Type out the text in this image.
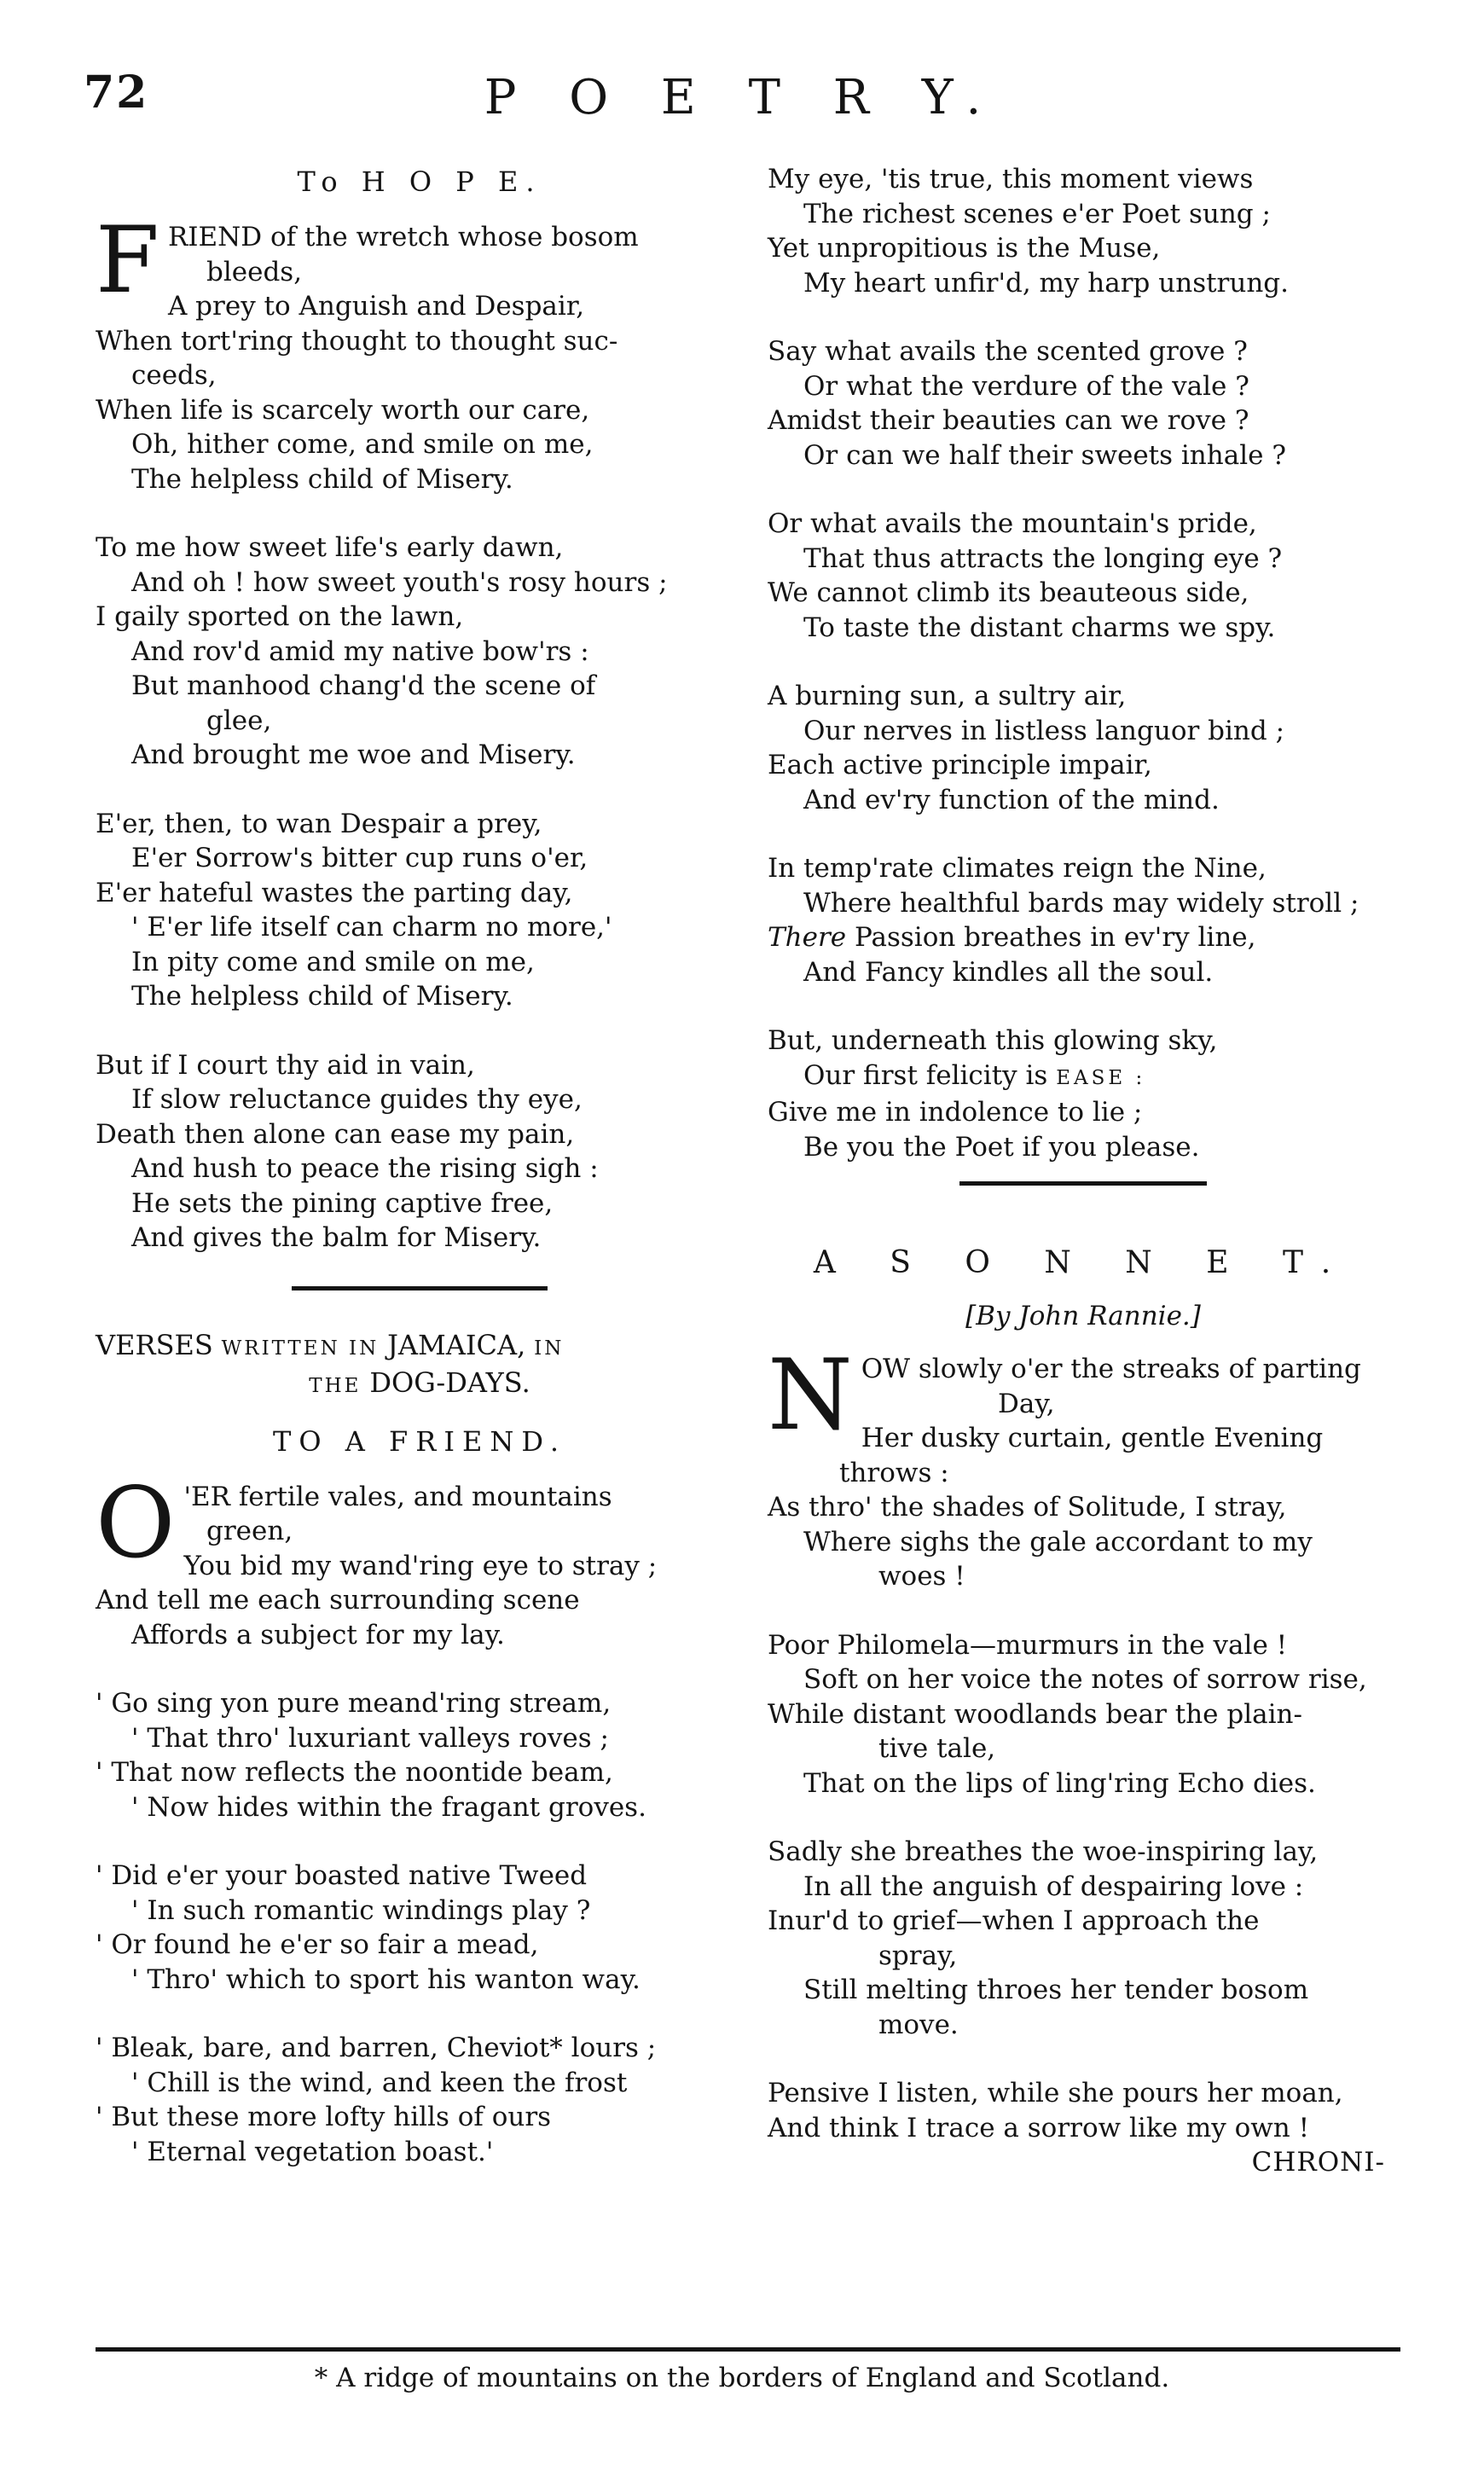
72	P O E T R Y.
To H O P E.
F RIEND of the wretch whose bosom
bleeds,
A prey to Anguish and Despair,
When tort'ring thought to thought suc-
ceeds,
When life is scarcely worth our care,
Oh, hither come, and smile on me,
The helpless child of Misery.
To me how sweet life's early dawn,
And oh ! how sweet youth's rosy hours ;
I gaily sported on the lawn,
And rov'd amid my native bow'rs :
But manhood chang'd the scene of
glee,
And brought me woe and Misery.
E'er, then, to wan Despair a prey,
E'er Sorrow's bitter cup runs o'er,
E'er hateful wastes the parting day,
' E'er life itself can charm no more,'
In pity come and smile on me,
The helpless child of Misery.
But if I court thy aid in vain,
If slow reluctance guides thy eye,
Death then alone can ease my pain,
And hush to peace the rising sigh :
He sets the pining captive free,
And gives the balm for Misery.
VERSES WRITTEN IN JAMAICA, IN
THE DOG-DAYS.
TO A FRIEND.
O 'ER fertile vales, and mountains
green,
You bid my wand'ring eye to stray ;
And tell me each surrounding scene
Affords a subject for my lay.
' Go sing yon pure meand'ring stream,
' That thro' luxuriant valleys roves ;
' That now reflects the noontide beam,
' Now hides within the fragant groves.
' Did e'er your boasted native Tweed
' In such romantic windings play ?
' Or found he e'er so fair a mead,
' Thro' which to sport his wanton way.
' Bleak, bare, and barren, Cheviot* lours ;
' Chill is the wind, and keen the frost
' But these more lofty hills of ours
' Eternal vegetation boast.'
My eye, 'tis true, this moment views
The richest scenes e'er Poet sung ;
Yet unpropitious is the Muse,
My heart unfir'd, my harp unstrung.
Say what avails the scented grove ?
Or what the verdure of the vale ?
Amidst their beauties can we rove ?
Or can we half their sweets inhale ?
Or what avails the mountain's pride,
That thus attracts the longing eye ?
We cannot climb its beauteous side,
To taste the distant charms we spy.
A burning sun, a sultry air,
Our nerves in listless languor bind ;
Each active principle impair,
And ev'ry function of the mind.
In temp'rate climates reign the Nine,
Where healthful bards may widely stroll ;
There Passion breathes in ev'ry line,
And Fancy kindles all the soul.
But, underneath this glowing sky,
Our first felicity is EASE :
Give me in indolence to lie ;
Be you the Poet if you please.
A S O N N E T.
[By John Rannie.]
N OW slowly o'er the streaks of parting
Day,
Her dusky curtain, gentle Evening
throws :
As thro' the shades of Solitude, I stray,
Where sighs the gale accordant to my
woes !
Poor Philomela—murmurs in the vale !
Soft on her voice the notes of sorrow rise,
While distant woodlands bear the plain-
tive tale,
That on the lips of ling'ring Echo dies.
Sadly she breathes the woe-inspiring lay,
In all the anguish of despairing love :
Inur'd to grief—when I approach the
spray,
Still melting throes her tender bosom
move.
Pensive I listen, while she pours her moan,
And think I trace a sorrow like my own !
CHRONI-
* A ridge of mountains on the borders of England and Scotland.
